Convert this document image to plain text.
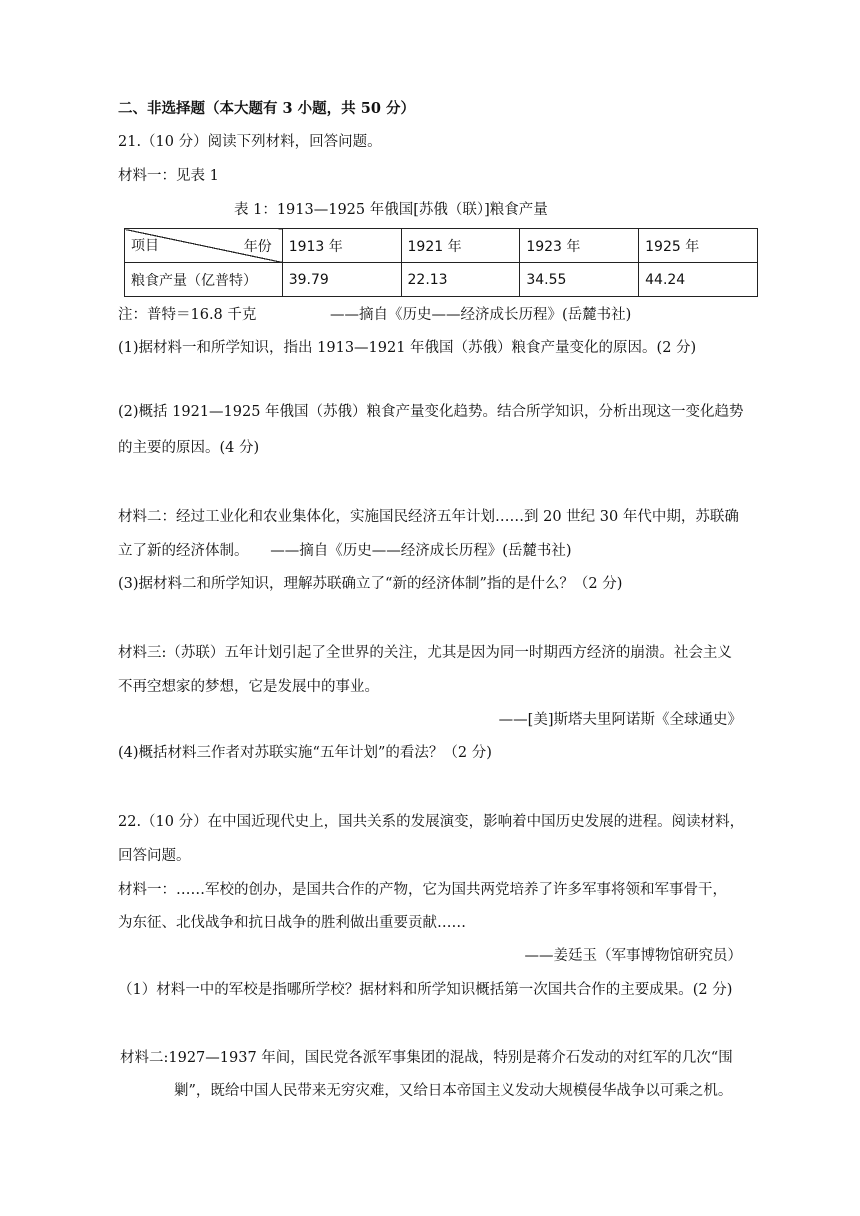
二、非选择题（本大题有 3 小题，共 50 分）
21.（10 分）阅读下列材料，回答问题。
材料一：见表 1
表 1：1913—1925 年俄国[苏俄（联）]粮食产量
年份
项目	1913 年	1921 年	1923 年	1925 年
粮食产量（亿普特）	39.79	22.13	34.55	44.24
注：普特＝16.8 千克	——摘自《历史——经济成长历程》(岳麓书社)
(1)据材料一和所学知识，指出 1913—1921 年俄国（苏俄）粮食产量变化的原因。(2 分)
(2)概括 1921—1925 年俄国（苏俄）粮食产量变化趋势。结合所学知识，分析出现这一变化趋势
的主要的原因。(4 分)
材料二：经过工业化和农业集体化，实施国民经济五年计划……到 20 世纪 30 年代中期，苏联确
立了新的经济体制。　　——摘自《历史——经济成长历程》(岳麓书社)
(3)据材料二和所学知识，理解苏联确立了“新的经济体制”指的是什么？（2 分)
材料三:（苏联）五年计划引起了全世界的关注，尤其是因为同一时期西方经济的崩溃。社会主义
不再空想家的梦想，它是发展中的事业。
——[美]斯塔夫里阿诺斯《全球通史》
(4)概括材料三作者对苏联实施“五年计划”的看法？（2 分)
22.（10 分）在中国近现代史上，国共关系的发展演变，影响着中国历史发展的进程。阅读材料，
回答问题。
材料一：……军校的创办，是国共合作的产物，它为国共两党培养了许多军事将领和军事骨干，
为东征、北伐战争和抗日战争的胜利做出重要贡献……
——姜廷玉（军事博物馆研究员）
（1）材料一中的军校是指哪所学校？据材料和所学知识概括第一次国共合作的主要成果。(2 分)
材料二:1927—1937 年间，国民党各派军事集团的混战，特别是蒋介石发动的对红军的几次“围
剿”，既给中国人民带来无穷灾难，又给日本帝国主义发动大规模侵华战争以可乘之机。
